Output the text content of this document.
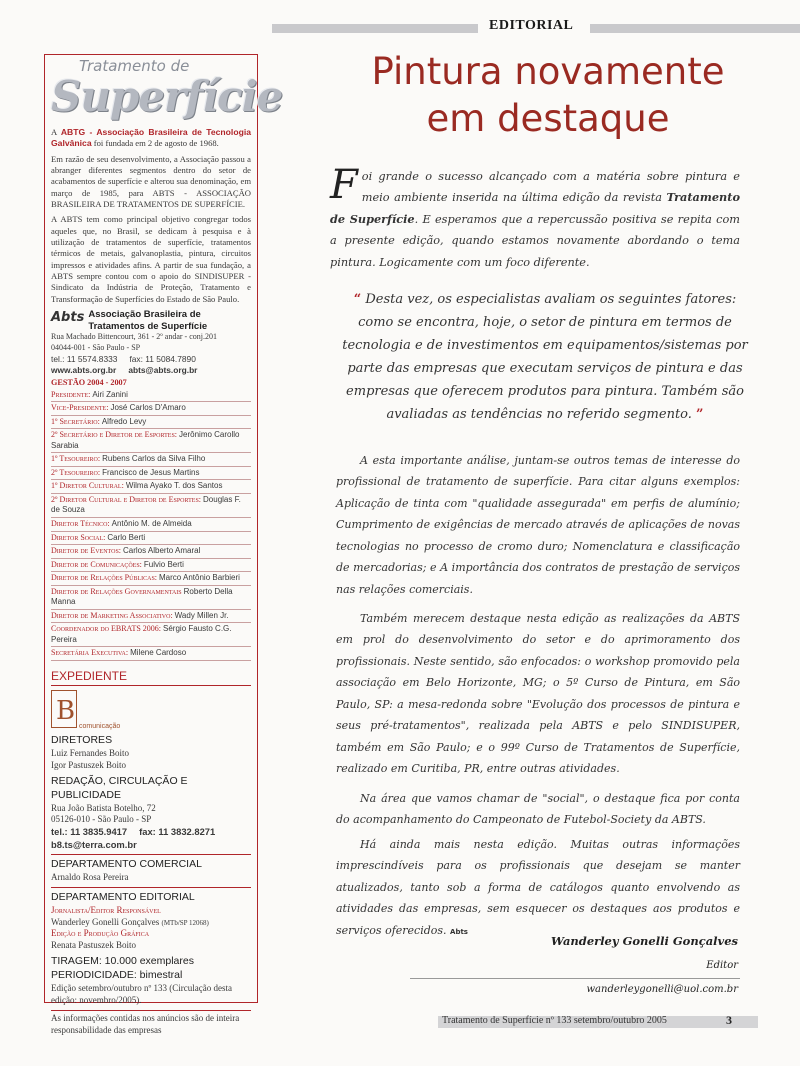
EDITORIAL
Tratamento de
Superfície

A ABTG - Associação Brasileira de Tecnologia Galvânica foi fundada em 2 de agosto de 1968.

Em razão de seu desenvolvimento, a Associação passou a abranger diferentes segmentos dentro do setor de acabamentos de superfície e alterou sua denominação, em março de 1985, para ABTS - ASSOCIAÇÃO BRASILEIRA DE TRATAMENTOS DE SUPERFÍCIE.

A ABTS tem como principal objetivo congregar todos aqueles que, no Brasil, se dedicam à pesquisa e à utilização de tratamentos de superfície, tratamentos térmicos de metais, galvanoplastia, pintura, circuitos impressos e atividades afins. A partir de sua fundação, a ABTS sempre contou com o apoio do SINDISUPER - Sindicato da Indústria de Proteção, Tratamento e Transformação de Superfícies do Estado de São Paulo.

Abts Associação Brasileira de Tratamentos de Superfície
Rua Machado Bittencourt, 361 - 2º andar - conj.201
04044-001 - São Paulo - SP
tel.: 11 5574.8333 fax: 11 5084.7890
www.abts.org.br abts@abts.org.br
GESTÃO 2004 - 2007
Presidente: Airi Zanini
Vice-Presidente: José Carlos D'Amaro
1º Secretário: Alfredo Levy
2º Secretário e Diretor de Esportes: Jerônimo Carollo Sarabia
1º Tesoureiro: Rubens Carlos da Silva Filho
2º Tesoureiro: Francisco de Jesus Martins
1º Diretor Cultural: Wilma Ayako T. dos Santos
2º Diretor Cultural e Diretor de Esportes: Douglas F. de Souza
Diretor Técnico: Antônio M. de Almeida
Diretor Social: Carlo Berti
Diretor de Eventos: Carlos Alberto Amaral
Diretor de Comunicações: Fulvio Berti
Diretor de Relações Públicas: Marco Antônio Barbieri
Diretor de Relações Governamentais Roberto Della Manna
Diretor de Marketing Associativo: Wady Millen Jr.
Coordenador do EBRATS 2006: Sérgio Fausto C.G. Pereira
Secretária Executiva: Milene Cardoso
EXPEDIENTE
B
comunicação
DIRETORES
Luiz Fernandes Boito
Igor Pastuszek Boito
REDAÇÃO, CIRCULAÇÃO E PUBLICIDADE
Rua João Batista Botelho, 72
05126-010 - São Paulo - SP
tel.: 11 3835.9417 fax: 11 3832.8271
b8.ts@terra.com.br
DEPARTAMENTO COMERCIAL
Arnaldo Rosa Pereira
DEPARTAMENTO EDITORIAL
Jornalista/Editor Responsável
Wanderley Gonelli Gonçalves (MTb/SP 12068)
Edição e Produção Gráfica
Renata Pastuszek Boito
TIRAGEM: 10.000 exemplares
PERIODICIDADE: bimestral
Edição setembro/outubro nº 133 (Circulação desta edição: novembro/2005).
As informações contidas nos anúncios são de inteira responsabilidade das empresas
Pintura novamente
em destaque

Foi grande o sucesso alcançado com a matéria sobre pintura e meio ambiente inserida na última edição da revista Tratamento de Superfície. E esperamos que a repercussão positiva se repita com a presente edição, quando estamos novamente abordando o tema pintura. Logicamente com um foco diferente.

“ Desta vez, os especialistas avaliam os seguintes fatores: como se encontra, hoje, o setor de pintura em termos de tecnologia e de investimentos em equipamentos/sistemas por parte das empresas que executam serviços de pintura e das empresas que oferecem produtos para pintura. Também são avaliadas as tendências no referido segmento. ”

A esta importante análise, juntam-se outros temas de interesse do profissional de tratamento de superfície. Para citar alguns exemplos: Aplicação de tinta com "qualidade assegurada" em perfis de alumínio; Cumprimento de exigências de mercado através de aplicações de novas tecnologias no processo de cromo duro; Nomenclatura e classificação de mercadorias; e A importância dos contratos de prestação de serviços nas relações comerciais.

Também merecem destaque nesta edição as realizações da ABTS em prol do desenvolvimento do setor e do aprimoramento dos profissionais. Neste sentido, são enfocados: o workshop promovido pela associação em Belo Horizonte, MG; o 5º Curso de Pintura, em São Paulo, SP: a mesa-redonda sobre "Evolução dos processos de pintura e seus pré-tratamentos", realizada pela ABTS e pelo SINDISUPER, também em São Paulo; e o 99º Curso de Tratamentos de Superfície, realizado em Curitiba, PR, entre outras atividades.

Na área que vamos chamar de "social", o destaque fica por conta do acompanhamento do Campeonato de Futebol-Society da ABTS.

Há ainda mais nesta edição. Muitas outras informações imprescindíveis para os profissionais que desejam se manter atualizados, tanto sob a forma de catálogos quanto envolvendo as atividades das empresas, sem esquecer os destaques aos produtos e serviços oferecidos. Abts

Wanderley Gonelli Gonçalves
Editor
wanderleygonelli@uol.com.br
Tratamento de Superfície nº 133 setembro/outubro 2005	3
